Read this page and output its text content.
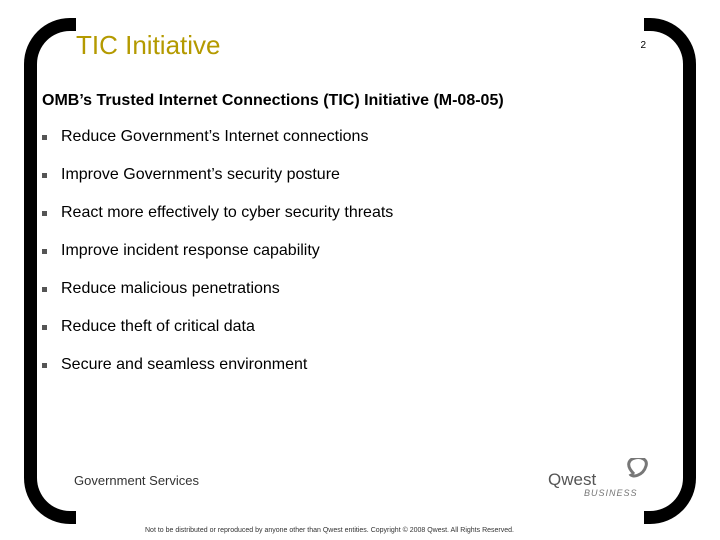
TIC Initiative	2
OMB’s Trusted Internet Connections (TIC) Initiative (M-08-05)
Reduce Government’s Internet connections
Improve Government’s security posture
React more effectively to cyber security threats
Improve incident response capability
Reduce malicious penetrations
Reduce theft of critical data
Secure and seamless environment
Government Services	Qwest
BUSINESS
Not to be distributed or reproduced by anyone other than Qwest entities. Copyright © 2008 Qwest. All Rights Reserved.
